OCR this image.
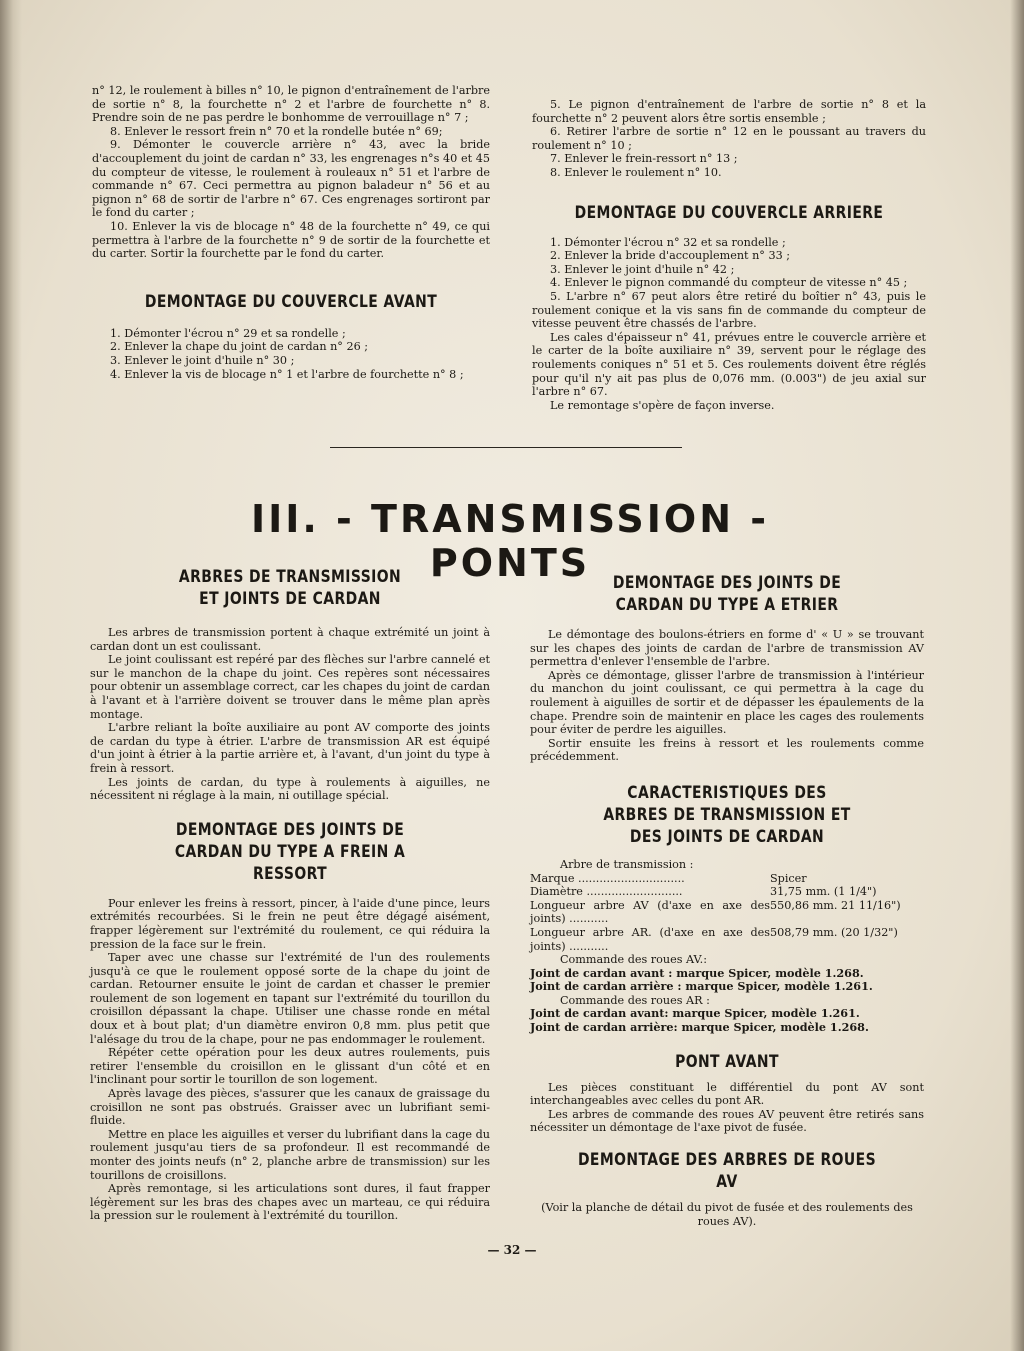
n° 12, le roulement à billes n° 10, le pignon d'entraînement de l'arbre de sortie n° 8, la fourchette n° 2 et l'arbre de fourchette n° 8. Prendre soin de ne pas perdre le bonhomme de verrouillage n° 7 ;

8. Enlever le ressort frein n° 70 et la rondelle butée n° 69;

9. Démonter le couvercle arrière n° 43, avec la bride d'accouplement du joint de cardan n° 33, les engrenages n°s 40 et 45 du compteur de vitesse, le roulement à rouleaux n° 51 et l'arbre de commande n° 67. Ceci permettra au pignon baladeur n° 56 et au pignon n° 68 de sortir de l'arbre n° 67. Ces engrenages sortiront par le fond du carter ;

10. Enlever la vis de blocage n° 48 de la fourchette n° 49, ce qui permettra à l'arbre de la fourchette n° 9 de sortir de la fourchette et du carter. Sortir la fourchette par le fond du carter.

DEMONTAGE DU COUVERCLE AVANT

1. Démonter l'écrou n° 29 et sa rondelle ;

2. Enlever la chape du joint de cardan n° 26 ;

3. Enlever le joint d'huile n° 30 ;

4. Enlever la vis de blocage n° 1 et l'arbre de fourchette n° 8 ;

5. Le pignon d'entraînement de l'arbre de sortie n° 8 et la fourchette n° 2 peuvent alors être sortis ensemble ;

6. Retirer l'arbre de sortie n° 12 en le poussant au travers du roulement n° 10 ;

7. Enlever le frein-ressort n° 13 ;

8. Enlever le roulement n° 10.

DEMONTAGE DU COUVERCLE ARRIERE

1. Démonter l'écrou n° 32 et sa rondelle ;

2. Enlever la bride d'accouplement n° 33 ;

3. Enlever le joint d'huile n° 42 ;

4. Enlever le pignon commandé du compteur de vitesse n° 45 ;

5. L'arbre n° 67 peut alors être retiré du boîtier n° 43, puis le roulement conique et la vis sans fin de commande du compteur de vitesse peuvent être chassés de l'arbre.

Les cales d'épaisseur n° 41, prévues entre le couvercle arrière et le carter de la boîte auxiliaire n° 39, servent pour le réglage des roulements coniques n° 51 et 5. Ces roulements doivent être réglés pour qu'il n'y ait pas plus de 0,076 mm. (0.003") de jeu axial sur l'arbre n° 67.

Le remontage s'opère de façon inverse.

III. - TRANSMISSION - PONTS
ARBRES DE TRANSMISSION ET JOINTS DE CARDAN

Les arbres de transmission portent à chaque extrémité un joint à cardan dont un est coulissant.

Le joint coulissant est repéré par des flèches sur l'arbre cannelé et sur le manchon de la chape du joint. Ces repères sont nécessaires pour obtenir un assemblage correct, car les chapes du joint de cardan à l'avant et à l'arrière doivent se trouver dans le même plan après montage.

L'arbre reliant la boîte auxiliaire au pont AV comporte des joints de cardan du type à étrier. L'arbre de transmission AR est équipé d'un joint à étrier à la partie arrière et, à l'avant, d'un joint du type à frein à ressort.

Les joints de cardan, du type à roulements à aiguilles, ne nécessitent ni réglage à la main, ni outillage spécial.

DEMONTAGE DES JOINTS DE CARDAN DU TYPE A FREIN A RESSORT

Pour enlever les freins à ressort, pincer, à l'aide d'une pince, leurs extrémités recourbées. Si le frein ne peut être dégagé aisément, frapper légèrement sur l'extrémité du roulement, ce qui réduira la pression de la face sur le frein.

Taper avec une chasse sur l'extrémité de l'un des roulements jusqu'à ce que le roulement opposé sorte de la chape du joint de cardan. Retourner ensuite le joint de cardan et chasser le premier roulement de son logement en tapant sur l'extrémité du tourillon du croisillon dépassant la chape. Utiliser une chasse ronde en métal doux et à bout plat; d'un diamètre environ 0,8 mm. plus petit que l'alésage du trou de la chape, pour ne pas endommager le roulement.

Répéter cette opération pour les deux autres roulements, puis retirer l'ensemble du croisillon en le glissant d'un côté et en l'inclinant pour sortir le tourillon de son logement.

Après lavage des pièces, s'assurer que les canaux de graissage du croisillon ne sont pas obstrués. Graisser avec un lubrifiant semi-fluide.

Mettre en place les aiguilles et verser du lubrifiant dans la cage du roulement jusqu'au tiers de sa profondeur. Il est recommandé de monter des joints neufs (n° 2, planche arbre de transmission) sur les tourillons de croisillons.

Après remontage, si les articulations sont dures, il faut frapper légèrement sur les bras des chapes avec un marteau, ce qui réduira la pression sur le roulement à l'extrémité du tourillon.

DEMONTAGE DES JOINTS DE CARDAN DU TYPE A ETRIER

Le démontage des boulons-étriers en forme d' « U » se trouvant sur les chapes des joints de cardan de l'arbre de transmission AV permettra d'enlever l'ensemble de l'arbre.

Après ce démontage, glisser l'arbre de transmission à l'intérieur du manchon du joint coulissant, ce qui permettra à la cage du roulement à aiguilles de sortir et de dépasser les épaulements de la chape. Prendre soin de maintenir en place les cages des roulements pour éviter de perdre les aiguilles.

Sortir ensuite les freins à ressort et les roulements comme précédemment.

CARACTERISTIQUES DES ARBRES DE TRANSMISSION ET DES JOINTS DE CARDAN

Arbre de transmission :

Marque ..............................	Spicer
Diamètre ...........................	31,75 mm. (1 1/4")
Longueur arbre AV (d'axe en axe des joints) ...........
550,86 mm. 21 11/16")
Longueur arbre AR. (d'axe en axe des joints) ...........
508,79 mm. (20 1/32")

Commande des roues AV.:

Joint de cardan avant : marque Spicer, modèle 1.268.

Joint de cardan arrière : marque Spicer, modèle 1.261.

Commande des roues AR :

Joint de cardan avant: marque Spicer, modèle 1.261.

Joint de cardan arrière: marque Spicer, modèle 1.268.

PONT AVANT

Les pièces constituant le différentiel du pont AV sont interchangeables avec celles du pont AR.

Les arbres de commande des roues AV peuvent être retirés sans nécessiter un démontage de l'axe pivot de fusée.

DEMONTAGE DES ARBRES DE ROUES AV

(Voir la planche de détail du pivot de fusée et des roulements des roues AV).

— 32 —
